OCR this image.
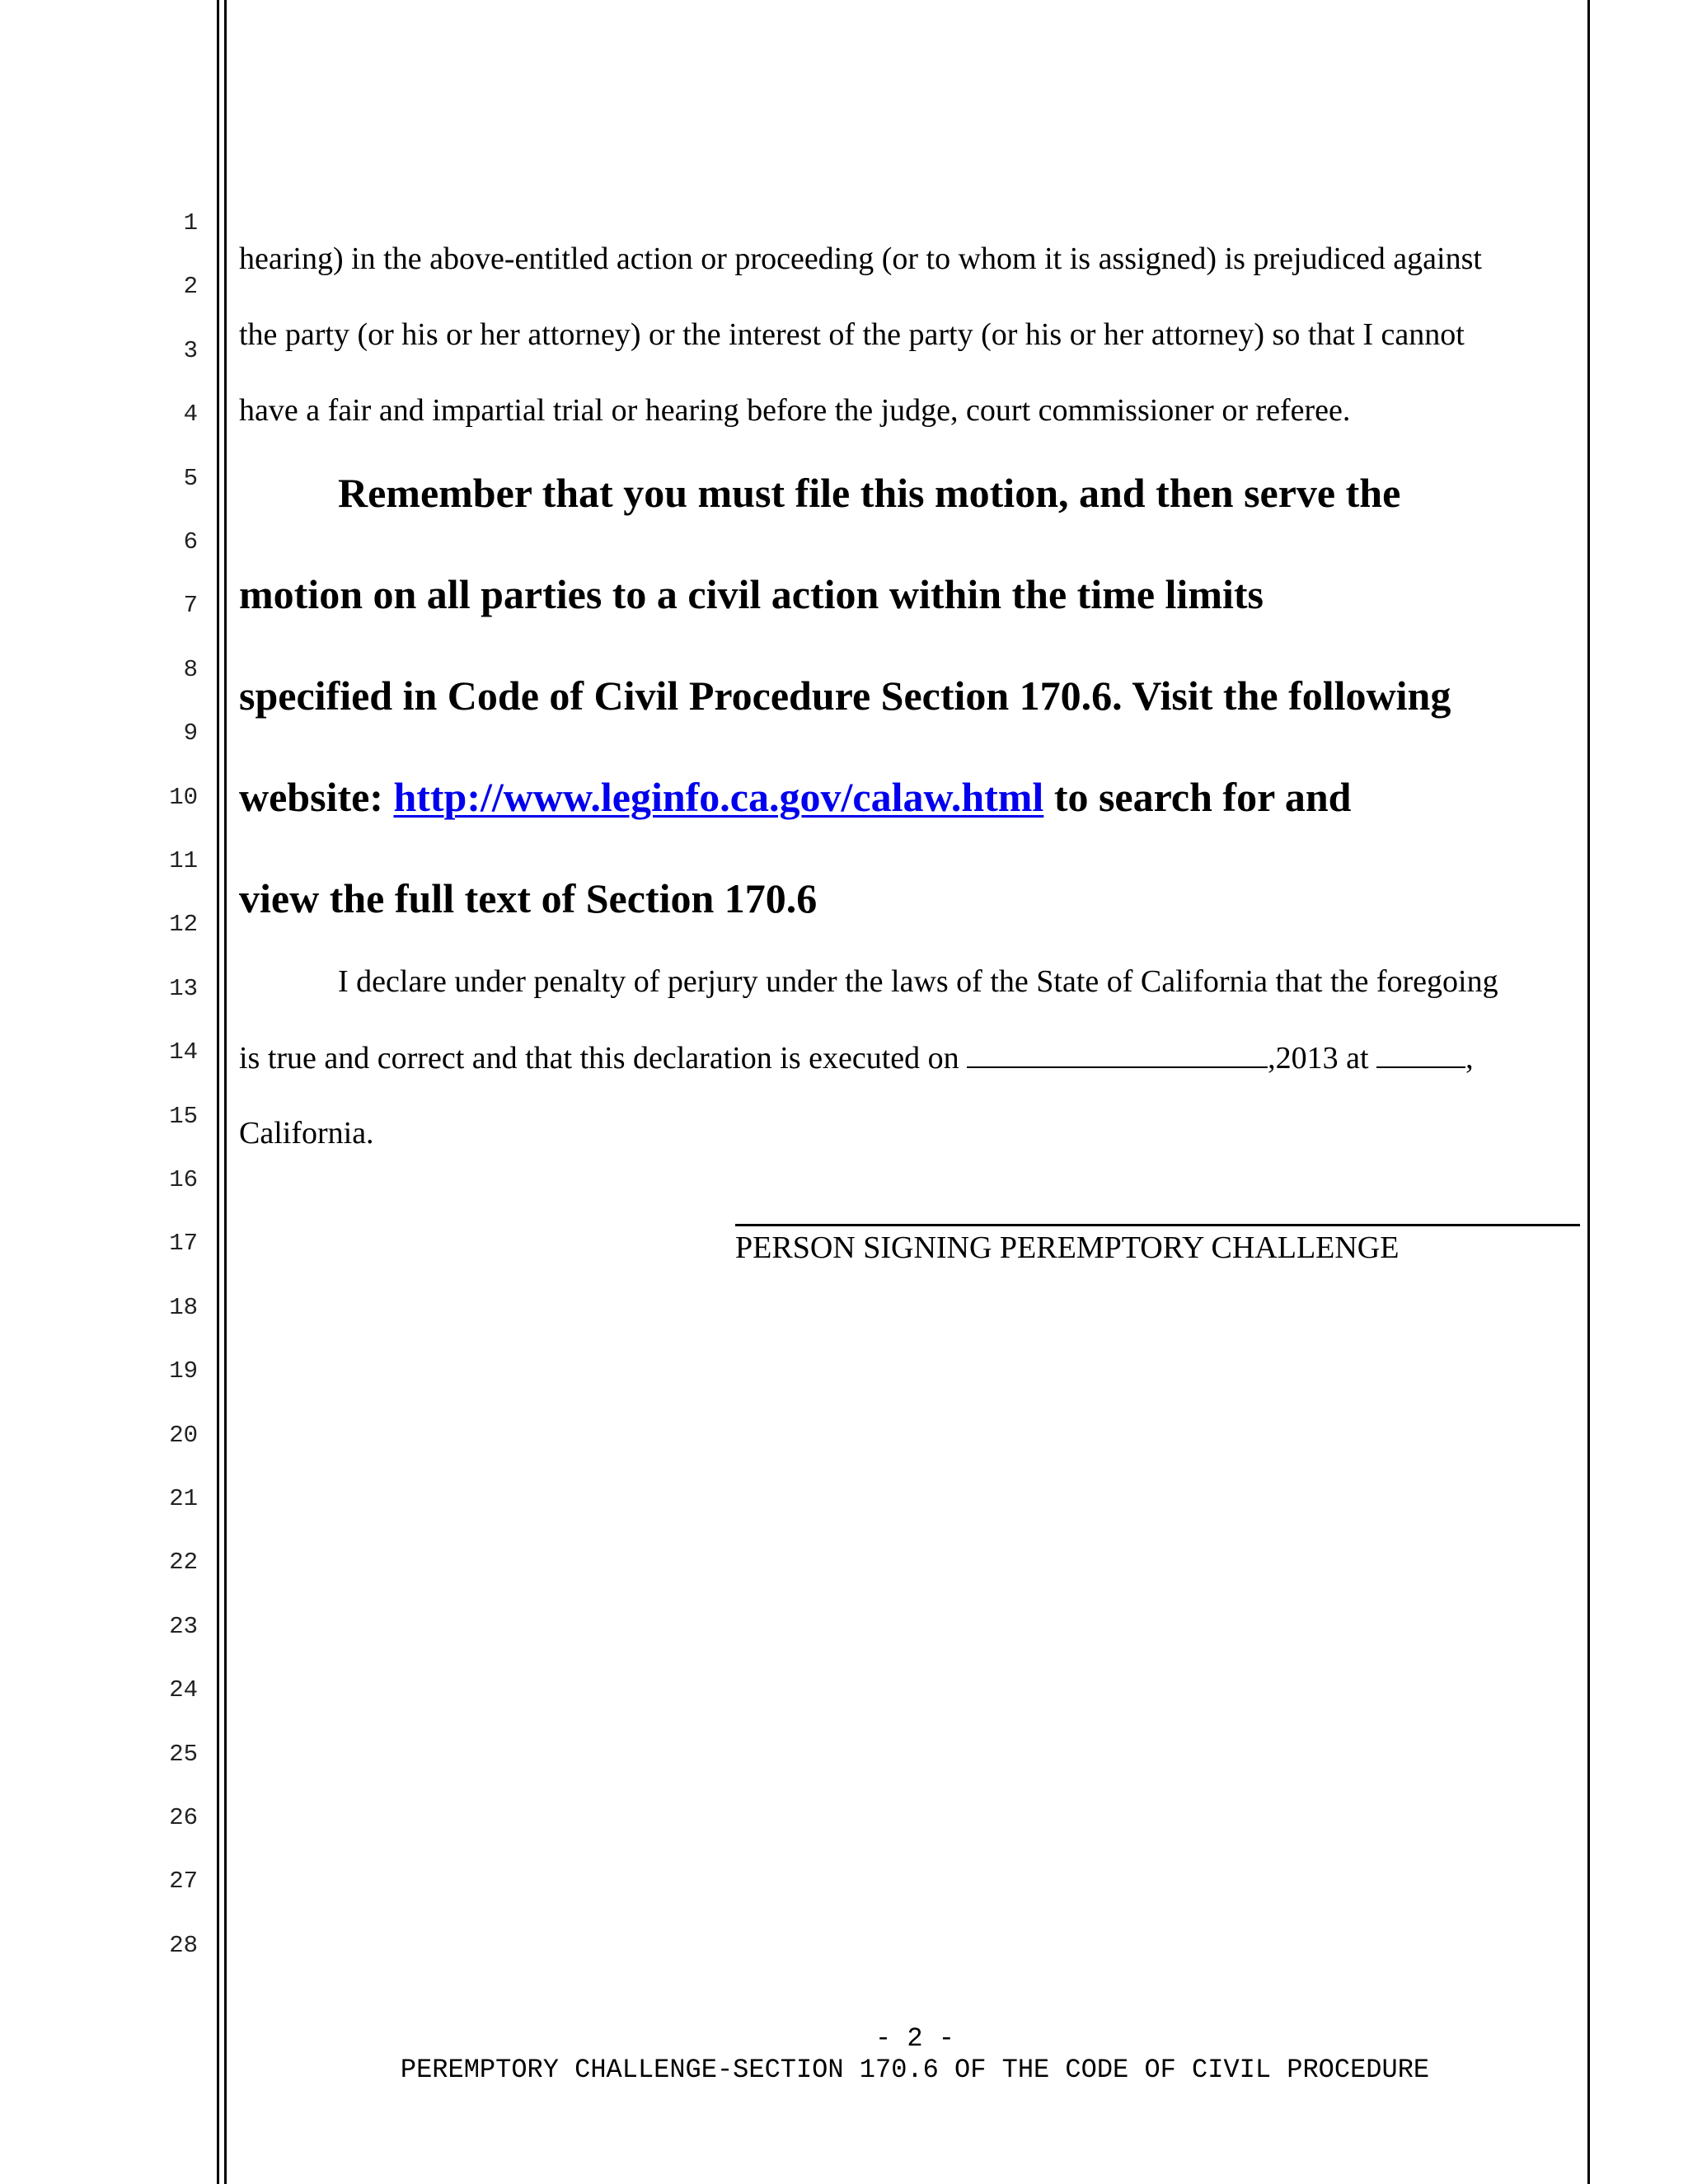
1
2
3
4
5
6
7
8
9
10
11
12
13
14
15
16
17
18
19
20
21
22
23
24
25
26
27
28
hearing) in the above-entitled action or proceeding (or to whom it is assigned) is prejudiced against
the party (or his or her attorney) or the interest of the party (or his or her attorney) so that I cannot
have a fair and impartial trial or hearing before the judge, court commissioner or referee.
Remember that you must file this motion, and then serve the
motion on all parties to a civil action within the time limits
specified in Code of Civil Procedure Section 170.6. Visit the following
website: http://www.leginfo.ca.gov/calaw.html to search for and
view the full text of Section 170.6
I declare under penalty of perjury under the laws of the State of California that the foregoing
is true and correct and that this declaration is executed on	,2013 at	,
California.
PERSON SIGNING PEREMPTORY CHALLENGE
- 2 -
PEREMPTORY CHALLENGE-SECTION 170.6 OF THE CODE OF CIVIL PROCEDURE
